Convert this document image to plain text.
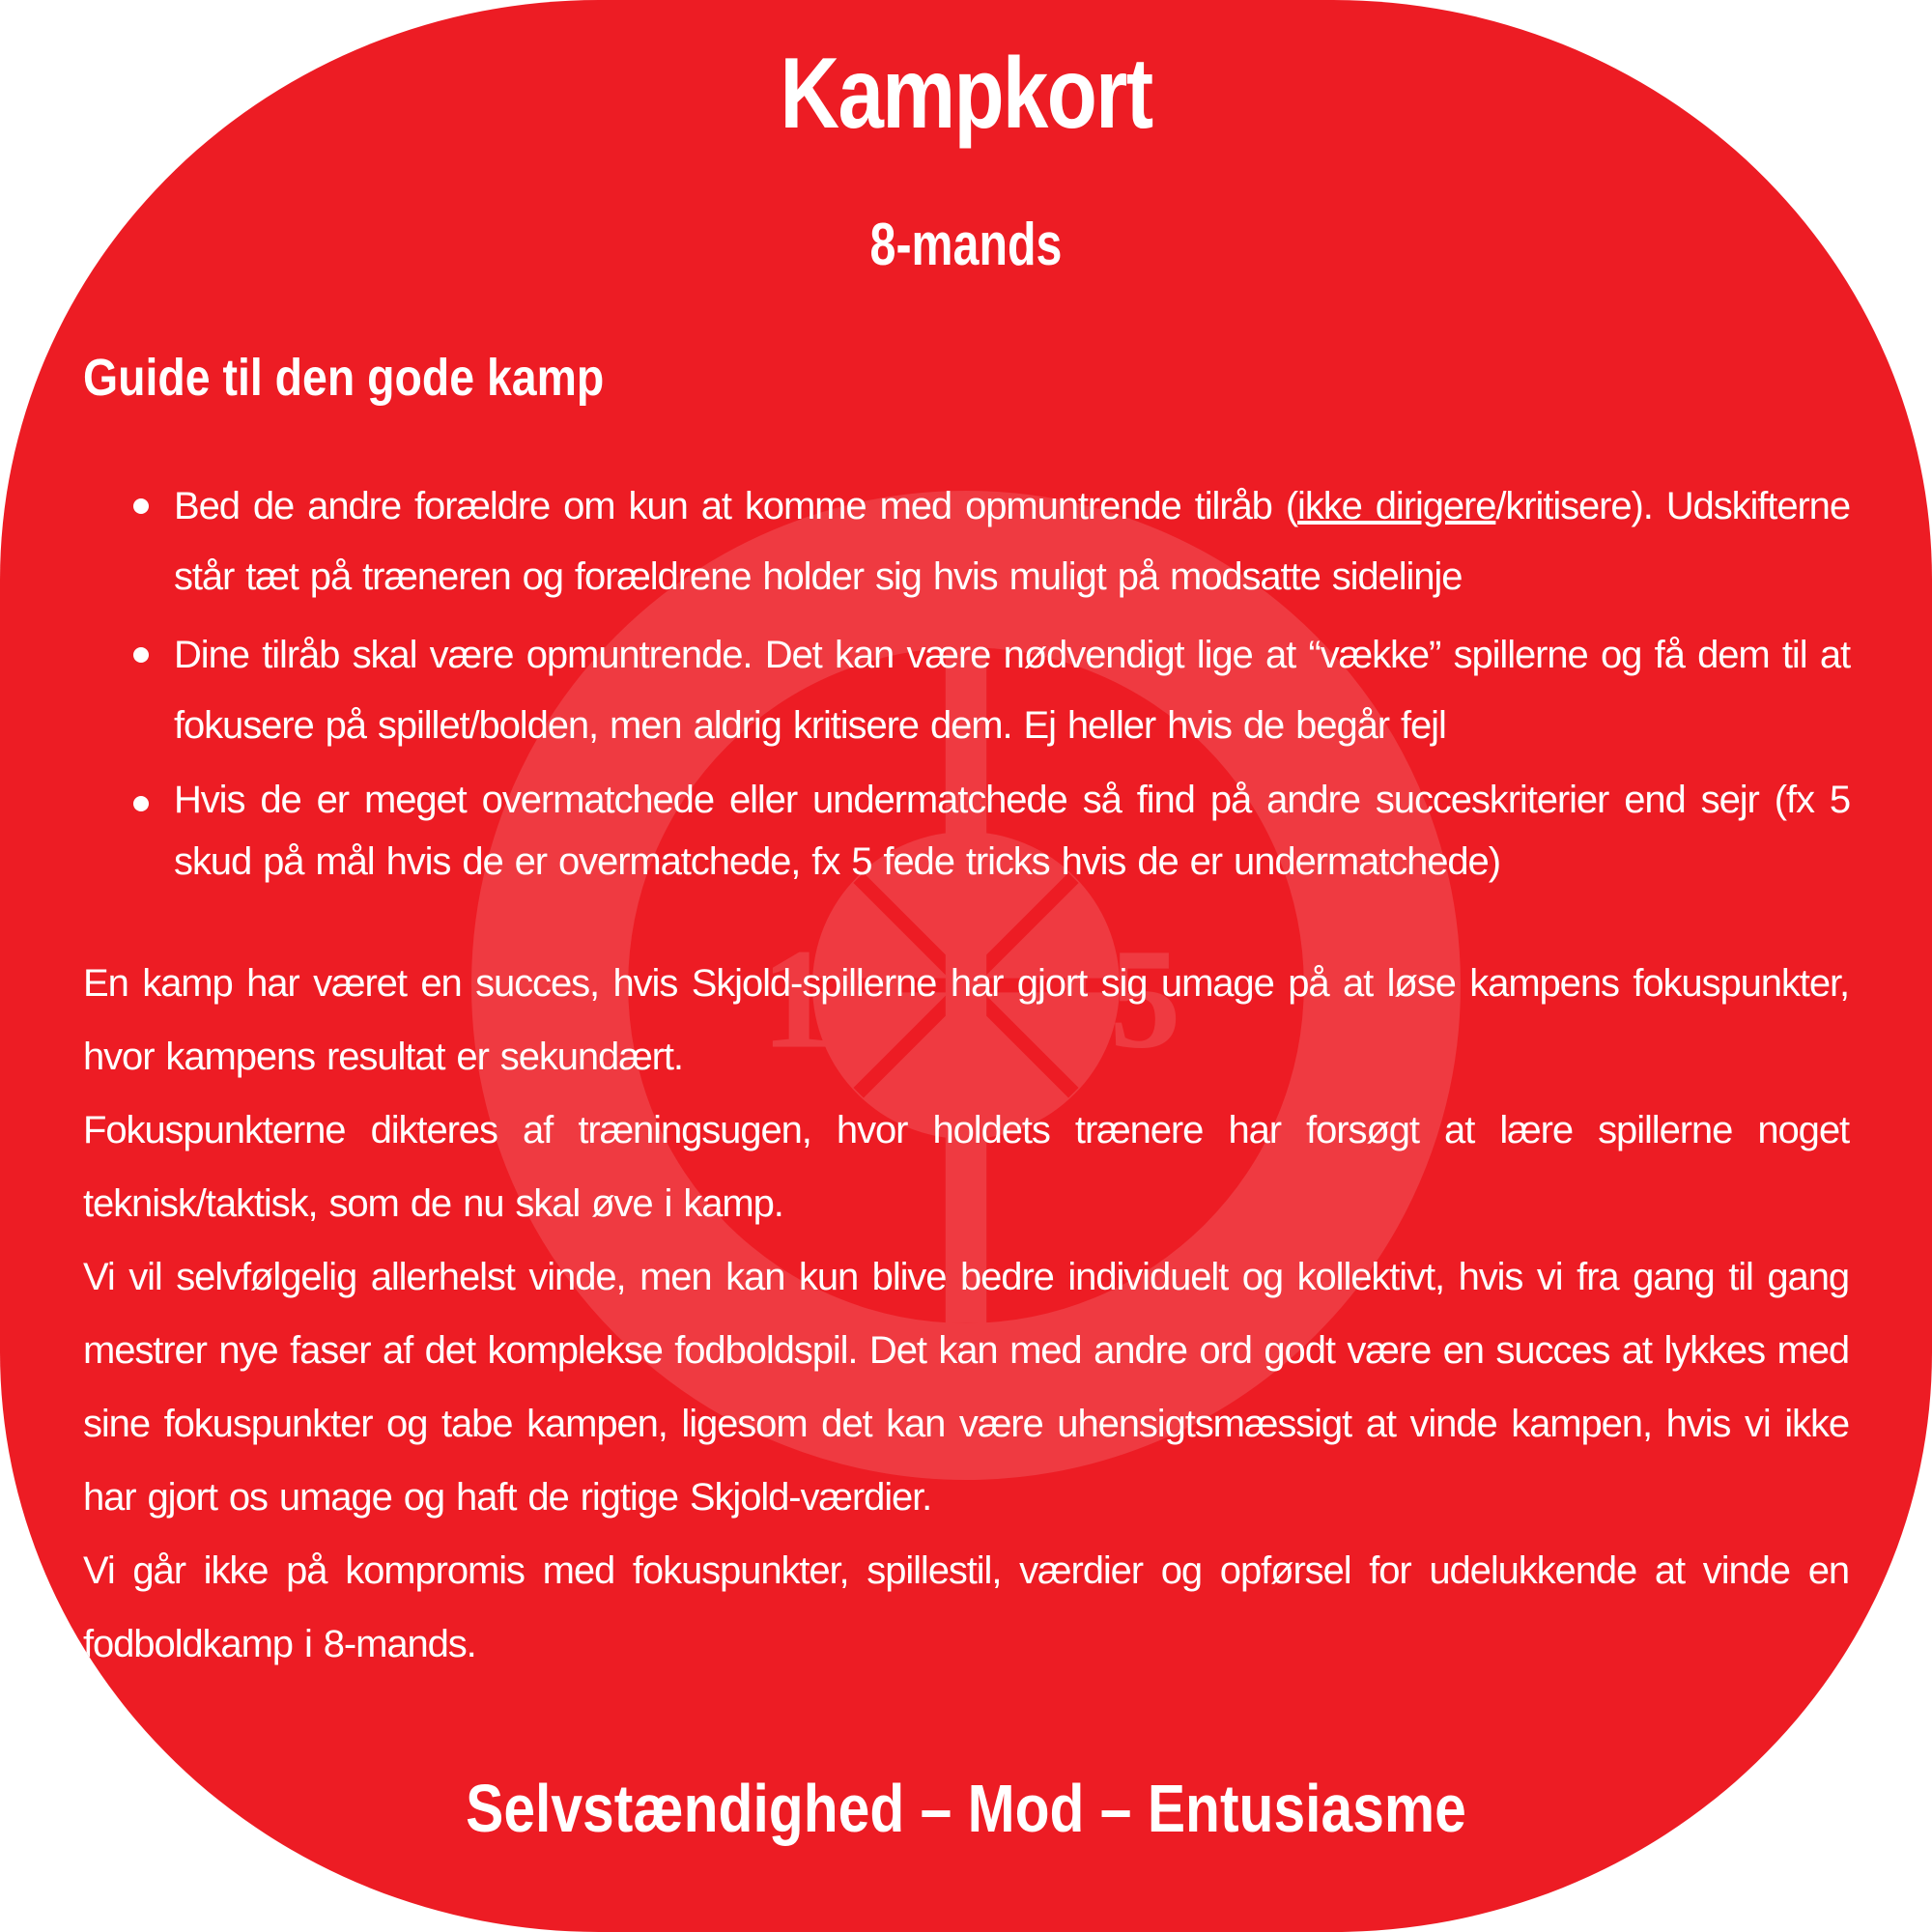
19 15
Kampkort
8-mands
Guide til den gode kamp
Bed de andre forældre om kun at komme med opmuntrende tilråb (ikke dirigere/kritisere). Udskifterne står tæt på træneren og forældrene holder sig hvis muligt på modsatte sidelinje
Dine tilråb skal være opmuntrende. Det kan være nødvendigt lige at “vække” spillerne og få dem til at fokusere på spillet/bolden, men aldrig kritisere dem. Ej heller hvis de begår fejl
Hvis de er meget overmatchede eller undermatchede så find på andre succeskriterier end sejr (fx 5 skud på mål hvis de er overmatchede, fx 5 fede tricks hvis de er undermatchede)

En kamp har været en succes, hvis Skjold-spillerne har gjort sig umage på at løse kampens fokuspunkter, hvor kampens resultat er sekundært.

Fokuspunkterne dikteres af træningsugen, hvor holdets trænere har forsøgt at lære spillerne noget teknisk/taktisk, som de nu skal øve i kamp.

Vi vil selvfølgelig allerhelst vinde, men kan kun blive bedre individuelt og kollektivt, hvis vi fra gang til gang mestrer nye faser af det komplekse fodboldspil. Det kan med andre ord godt være en succes at lykkes med sine fokuspunkter og tabe kampen, ligesom det kan være uhensigtsmæssigt at vinde kampen, hvis vi ikke har gjort os umage og haft de rigtige Skjold-værdier.

Vi går ikke på kompromis med fokuspunkter, spillestil, værdier og opførsel for udelukkende at vinde en fodboldkamp i 8-mands.

Selvstændighed – Mod – Entusiasme
